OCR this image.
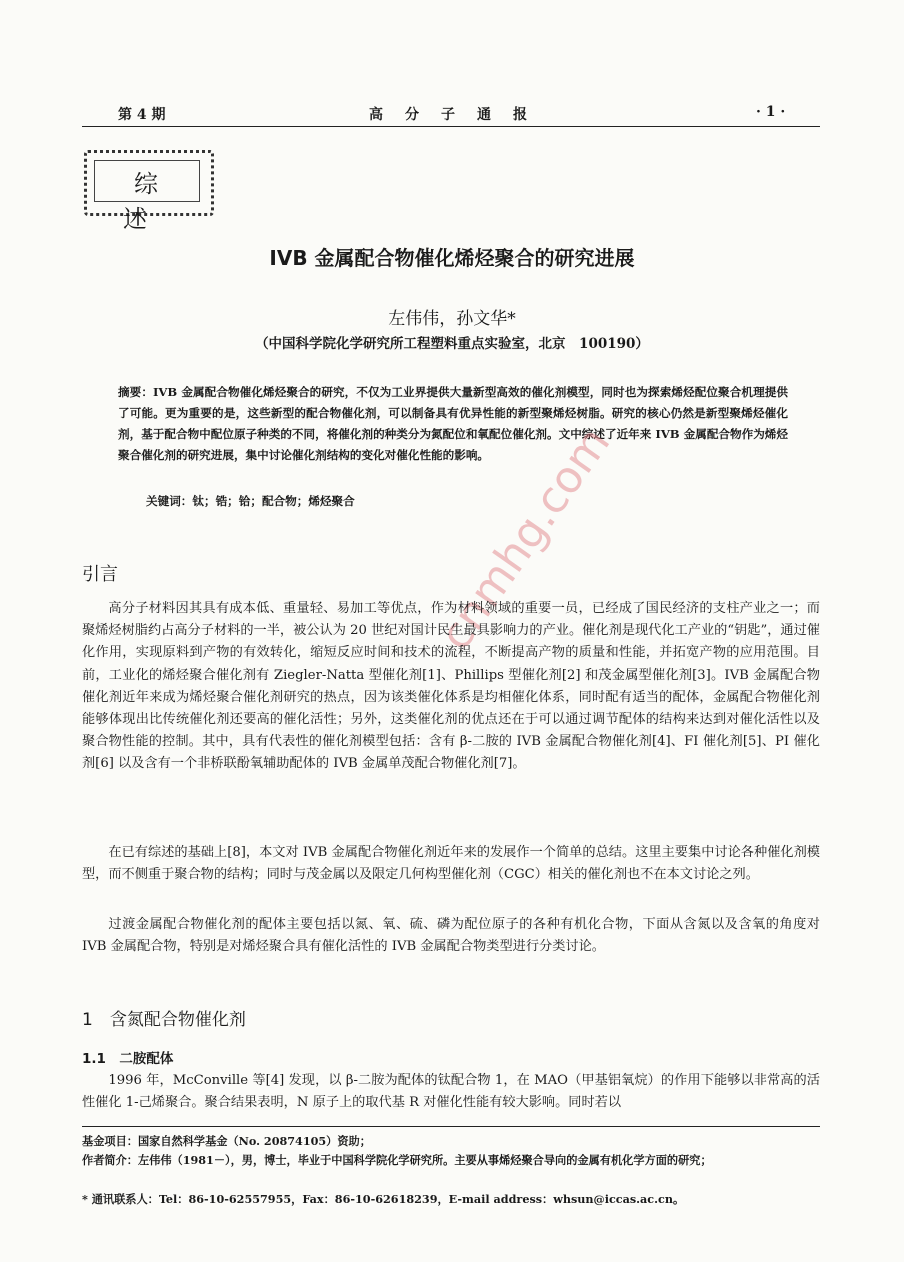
第 4 期	高　分　子　通　报	· 1 ·
综　述
IVB 金属配合物催化烯烃聚合的研究进展
左伟伟，孙文华*
（中国科学院化学研究所工程塑料重点实验室，北京　100190）
摘要：IVB 金属配合物催化烯烃聚合的研究，不仅为工业界提供大量新型高效的催化剂模型，同时也为探索烯烃配位聚合机理提供了可能。更为重要的是，这些新型的配合物催化剂，可以制备具有优异性能的新型聚烯烃树脂。研究的核心仍然是新型聚烯烃催化剂，基于配合物中配位原子种类的不同，将催化剂的种类分为氮配位和氧配位催化剂。文中综述了近年来 IVB 金属配合物作为烯烃聚合催化剂的研究进展，集中讨论催化剂结构的变化对催化性能的影响。
关键词：钛；锆；铪；配合物；烯烃聚合	cnmhg.com
引言
高分子材料因其具有成本低、重量轻、易加工等优点，作为材料领域的重要一员，已经成了国民经济的支柱产业之一；而聚烯烃树脂约占高分子材料的一半，被公认为 20 世纪对国计民生最具影响力的产业。催化剂是现代化工产业的“钥匙”，通过催化作用，实现原料到产物的有效转化，缩短反应时间和技术的流程，不断提高产物的质量和性能，并拓宽产物的应用范围。目前，工业化的烯烃聚合催化剂有 Ziegler-Natta 型催化剂[1]、Phillips 型催化剂[2] 和茂金属型催化剂[3]。IVB 金属配合物催化剂近年来成为烯烃聚合催化剂研究的热点，因为该类催化体系是均相催化体系，同时配有适当的配体，金属配合物催化剂能够体现出比传统催化剂还要高的催化活性；另外，这类催化剂的优点还在于可以通过调节配体的结构来达到对催化活性以及聚合物性能的控制。其中，具有代表性的催化剂模型包括：含有 β-二胺的 IVB 金属配合物催化剂[4]、FI 催化剂[5]、PI 催化剂[6] 以及含有一个非桥联酚氧辅助配体的 IVB 金属单茂配合物催化剂[7]。
在已有综述的基础上[8]，本文对 IVB 金属配合物催化剂近年来的发展作一个简单的总结。这里主要集中讨论各种催化剂模型，而不侧重于聚合物的结构；同时与茂金属以及限定几何构型催化剂（CGC）相关的催化剂也不在本文讨论之列。
过渡金属配合物催化剂的配体主要包括以氮、氧、硫、磷为配位原子的各种有机化合物，下面从含氮以及含氧的角度对 IVB 金属配合物，特别是对烯烃聚合具有催化活性的 IVB 金属配合物类型进行分类讨论。
1　含氮配合物催化剂
1.1　二胺配体
1996 年，McConville 等[4] 发现，以 β-二胺为配体的钛配合物 1，在 MAO（甲基铝氧烷）的作用下能够以非常高的活性催化 1-己烯聚合。聚合结果表明，N 原子上的取代基 R 对催化性能有较大影响。同时若以
基金项目：国家自然科学基金（No. 20874105）资助；
作者简介：左伟伟（1981－），男，博士，毕业于中国科学院化学研究所。主要从事烯烃聚合导向的金属有机化学方面的研究；
* 通讯联系人：Tel：86-10-62557955，Fax：86-10-62618239，E-mail address：whsun@iccas.ac.cn。
